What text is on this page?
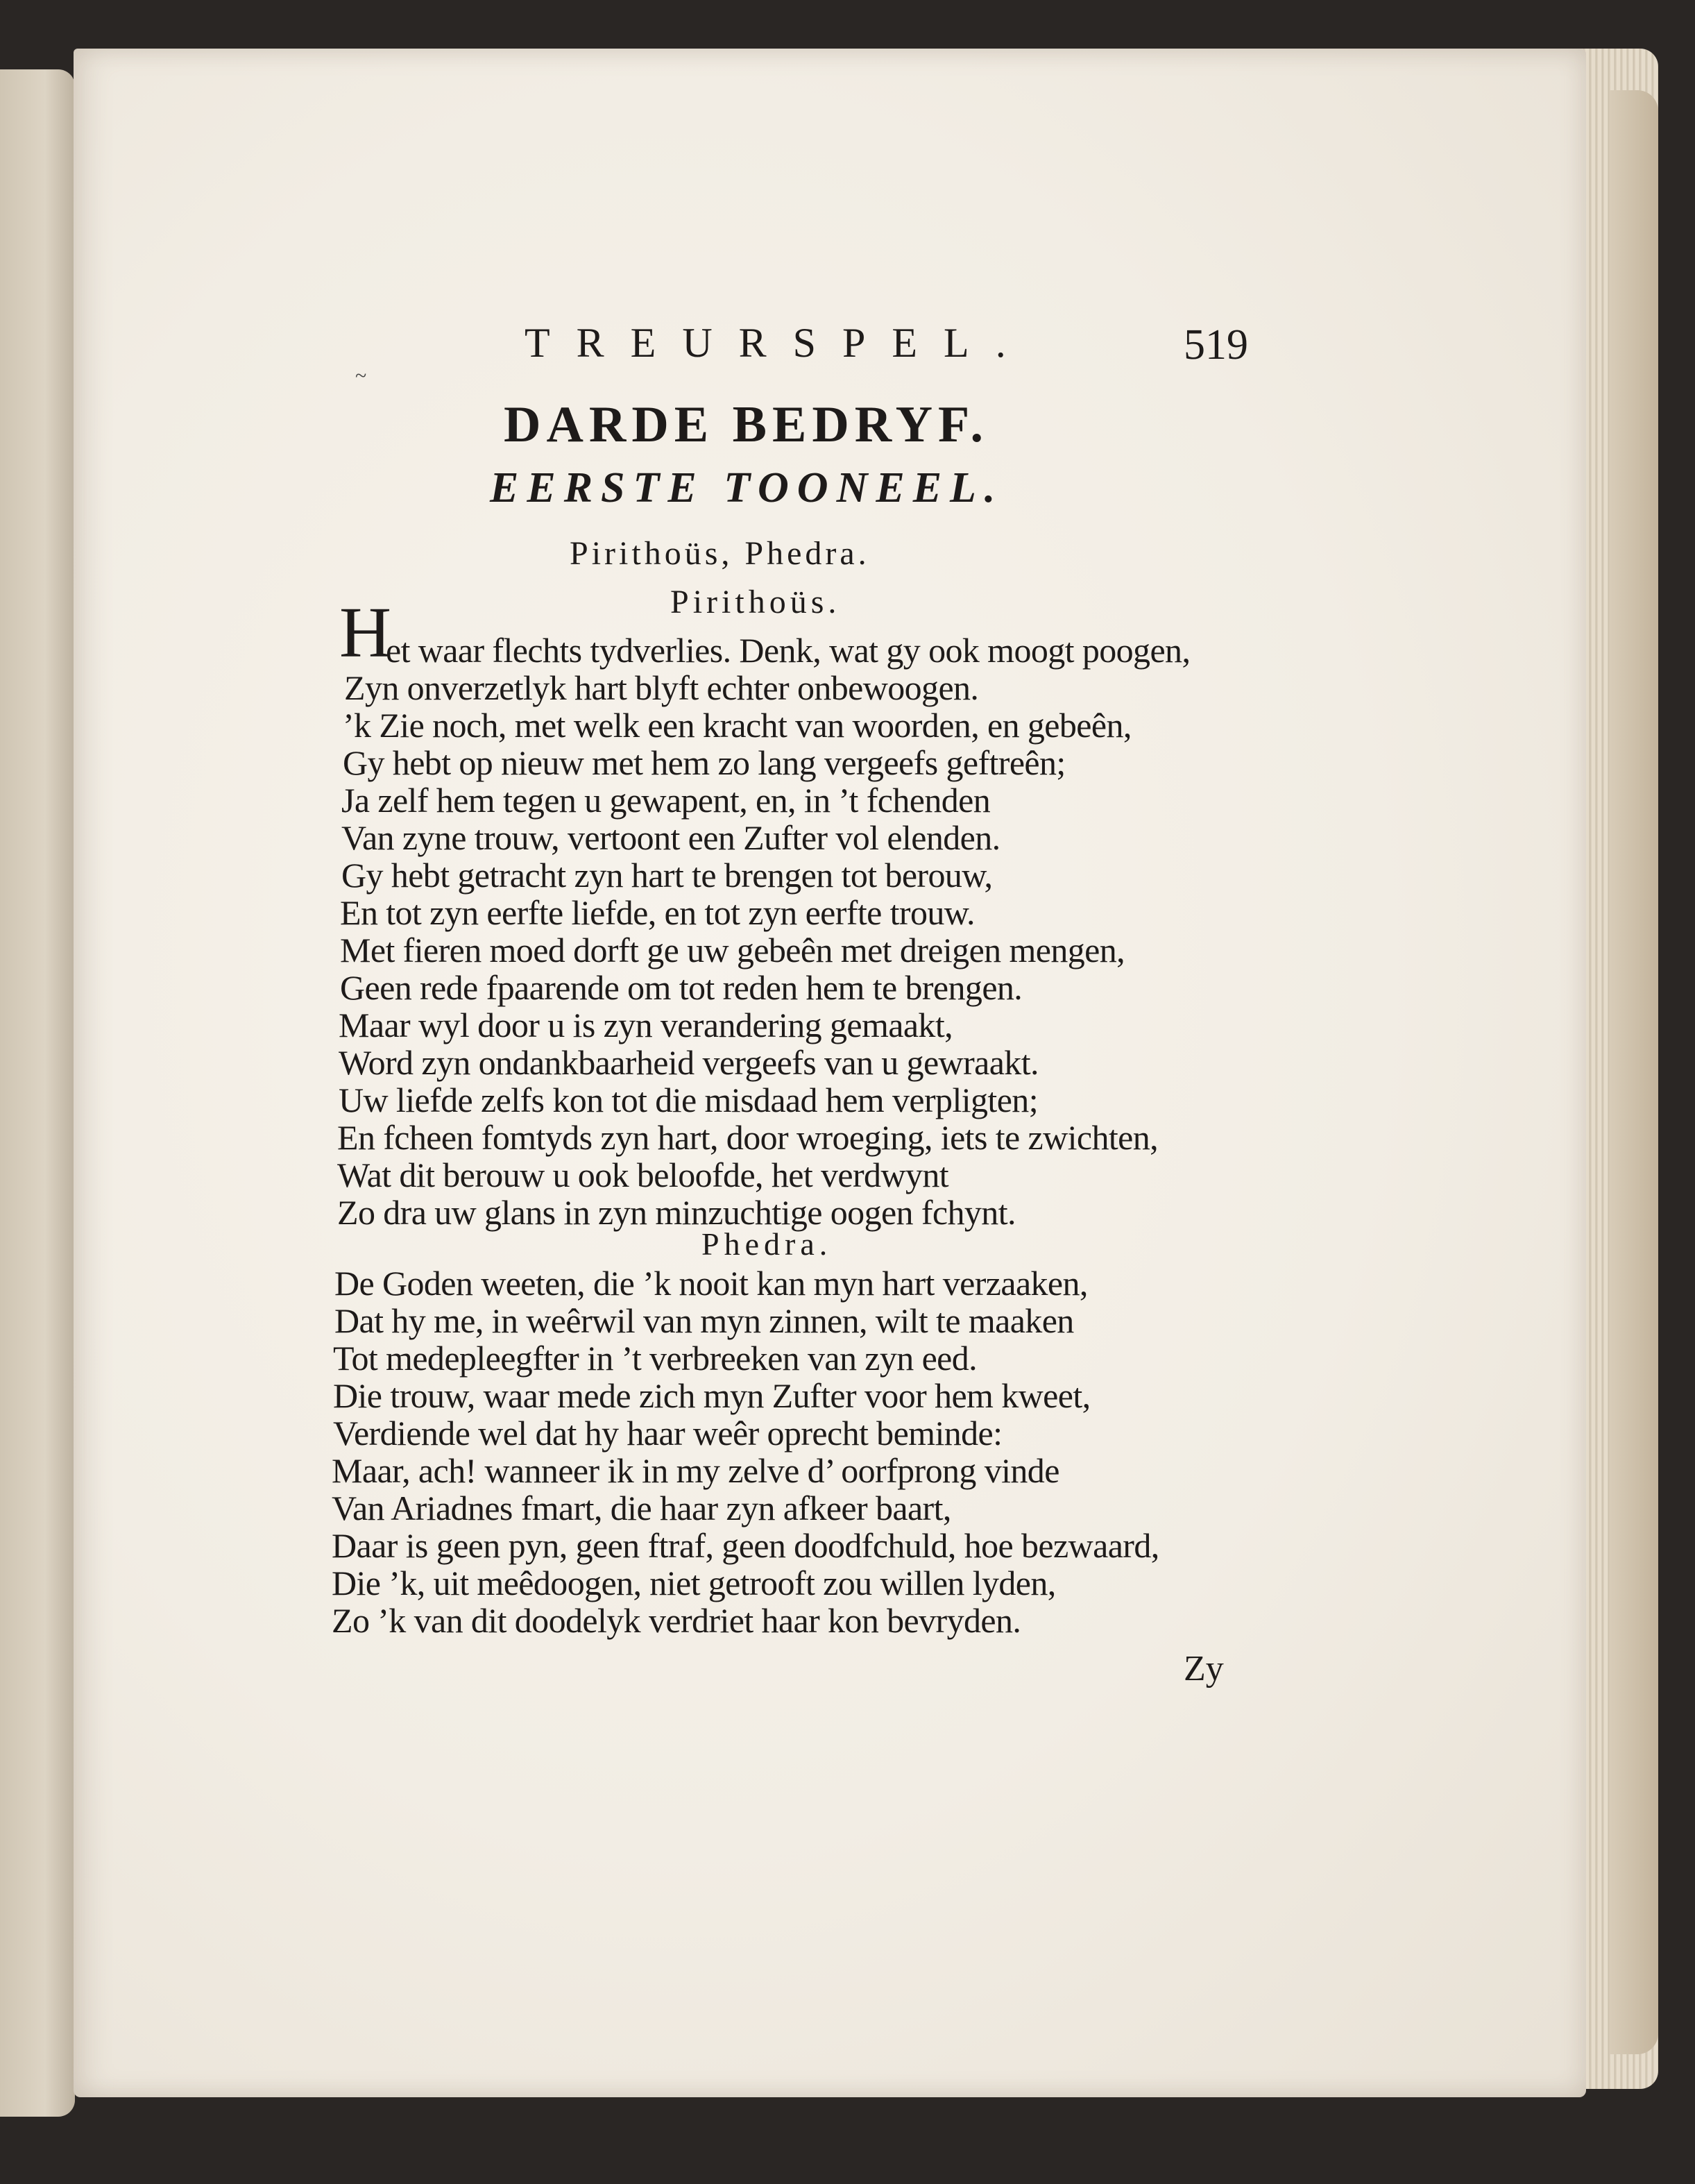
~
TREURSPEL.	519
DARDE BEDRYF.
EERSTE TOONEEL.
Pirithoüs, Phedra.
Pirithoüs.
H
et waar flechts tydverlies. Denk, wat gy ook moogt poogen,
Zyn onverzetlyk hart blyft echter onbewoogen.
’k Zie noch, met welk een kracht van woorden, en gebeên,
Gy hebt op nieuw met hem zo lang vergeefs geftreên;
Ja zelf hem tegen u gewapent, en, in ’t fchenden
Van zyne trouw, vertoont een Zufter vol elenden.
Gy hebt getracht zyn hart te brengen tot berouw,
En tot zyn eerfte liefde, en tot zyn eerfte trouw.
Met fieren moed dorft ge uw gebeên met dreigen mengen,
Geen rede fpaarende om tot reden hem te brengen.
Maar wyl door u is zyn verandering gemaakt,
Word zyn ondankbaarheid vergeefs van u gewraakt.
Uw liefde zelfs kon tot die misdaad hem verpligten;
En fcheen fomtyds zyn hart, door wroeging, iets te zwichten,
Wat dit berouw u ook beloofde, het verdwynt
Zo dra uw glans in zyn minzuchtige oogen fchynt.
Phedra.
De Goden weeten, die ’k nooit kan myn hart verzaaken,
Dat hy me, in weêrwil van myn zinnen, wilt te maaken
Tot medepleegfter in ’t verbreeken van zyn eed.
Die trouw, waar mede zich myn Zufter voor hem kweet,
Verdiende wel dat hy haar weêr oprecht beminde:
Maar, ach! wanneer ik in my zelve d’ oorfprong vinde
Van Ariadnes fmart, die haar zyn afkeer baart,
Daar is geen pyn, geen ftraf, geen doodfchuld, hoe bezwaard,
Die ’k, uit meêdoogen, niet getrooft zou willen lyden,
Zo ’k van dit doodelyk verdriet haar kon bevryden.
Zy
